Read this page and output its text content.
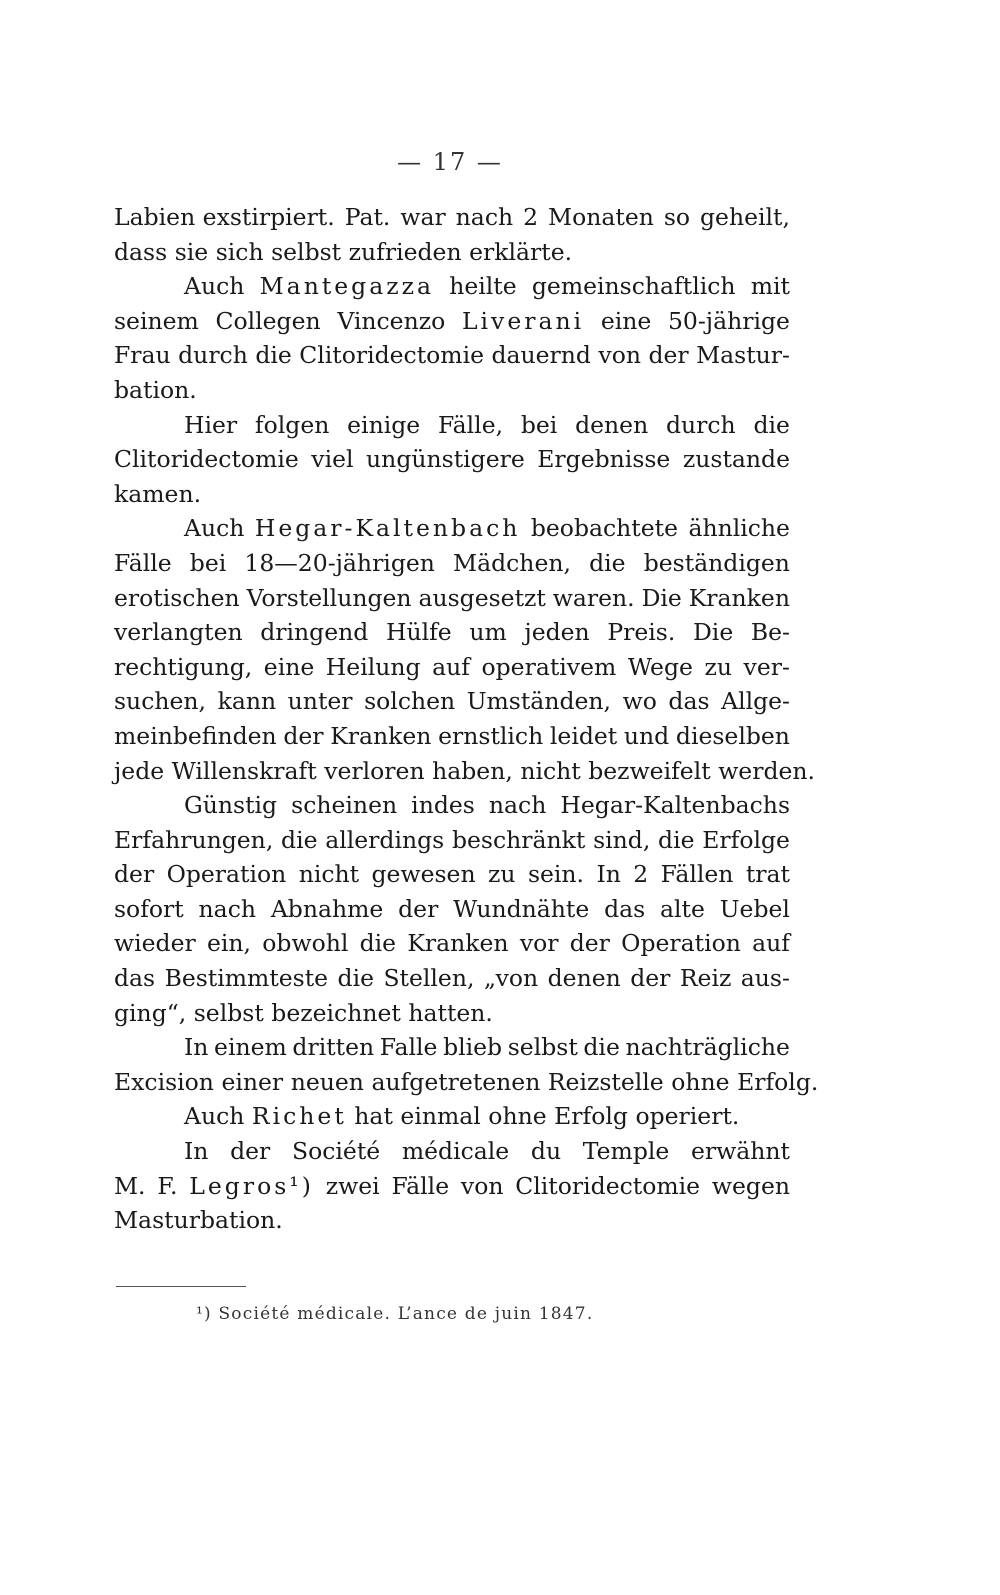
— 17 —
Labien exstirpiert. Pat. war nach 2 Monaten so geheilt,
dass sie sich selbst zufrieden erklärte.
Auch Mantegazza heilte gemeinschaftlich mit
seinem Collegen Vincenzo Liverani eine 50-jährige
Frau durch die Clitoridectomie dauernd von der Mastur-
bation.
Hier folgen einige Fälle, bei denen durch die
Clitoridectomie viel ungünstigere Ergebnisse zustande
kamen.
Auch Hegar-Kaltenbach beobachtete ähnliche
Fälle bei 18—20-jährigen Mädchen, die beständigen
erotischen Vorstellungen ausgesetzt waren. Die Kranken
verlangten dringend Hülfe um jeden Preis. Die Be-
rechtigung, eine Heilung auf operativem Wege zu ver-
suchen, kann unter solchen Umständen, wo das Allge-
meinbefinden der Kranken ernstlich leidet und dieselben
jede Willenskraft verloren haben, nicht bezweifelt werden.
Günstig scheinen indes nach Hegar-Kaltenbachs
Erfahrungen, die allerdings beschränkt sind, die Erfolge
der Operation nicht gewesen zu sein. In 2 Fällen trat
sofort nach Abnahme der Wundnähte das alte Uebel
wieder ein, obwohl die Kranken vor der Operation auf
das Bestimmteste die Stellen, „von denen der Reiz aus-
ging“, selbst bezeichnet hatten.
In einem dritten Falle blieb selbst die nachträgliche
Excision einer neuen aufgetretenen Reizstelle ohne Erfolg.
Auch Richet hat einmal ohne Erfolg operiert.
In der Société médicale du Temple erwähnt
M. F. Legros¹) zwei Fälle von Clitoridectomie wegen
Masturbation.
¹) Société médicale. L’ance de juin 1847.
